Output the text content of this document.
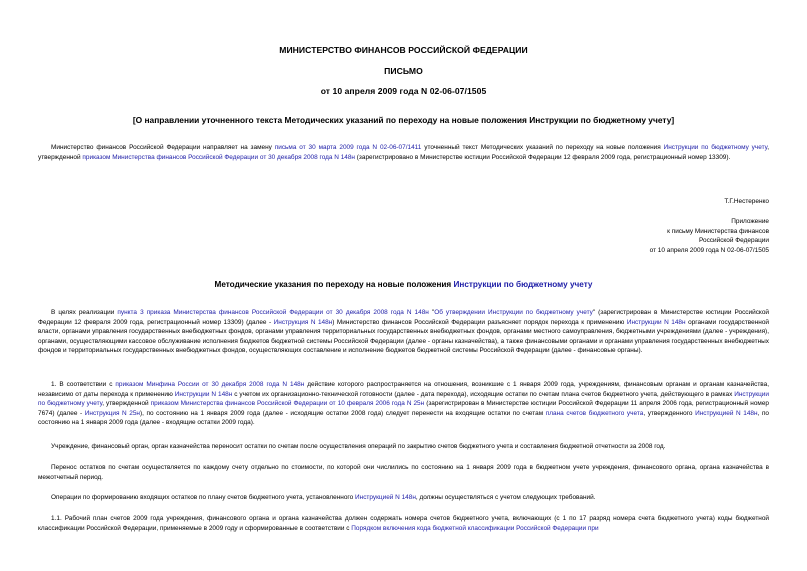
МИНИСТЕРСТВО ФИНАНСОВ РОССИЙСКОЙ ФЕДЕРАЦИИ
ПИСЬМО
от 10 апреля 2009 года N 02-06-07/1505
[О направлении уточненного текста Методических указаний по переходу на новые положения Инструкции по бюджетному учету]
Министерство финансов Российской Федерации направляет на замену письма от 30 марта 2009 года N 02-06-07/1411 уточненный текст Методических указаний по переходу на новые положения Инструкции по бюджетному учету, утвержденной приказом Министерства финансов Российской Федерации от 30 декабря 2008 года N 148н (зарегистрировано в Министерстве юстиции Российской Федерации 12 февраля 2009 года, регистрационный номер 13309).
Т.Г.Нестеренко
Приложение
к письму Министерства финансов
Российской Федерации
от 10 апреля 2009 года N 02-06-07/1505
Методические указания по переходу на новые положения Инструкции по бюджетному учету
В целях реализации пункта 3 приказа Министерства финансов Российской Федерации от 30 декабря 2008 года N 148н "Об утверждении Инструкции по бюджетному учету" (зарегистрирован в Министерстве юстиции Российской Федерации 12 февраля 2009 года, регистрационный номер 13309) (далее - Инструкция N 148н) Министерство финансов Российской Федерации разъясняет порядок перехода к применению Инструкции N 148н органами государственной власти, органами управления государственных внебюджетных фондов, органами управления территориальных государственных внебюджетных фондов, органами местного самоуправления, бюджетными учреждениями (далее - учреждения), органами, осуществляющими кассовое обслуживание исполнения бюджетов бюджетной системы Российской Федерации (далее - органы казначейства), а также финансовыми органами и органами управления государственных внебюджетных фондов и территориальных государственных внебюджетных фондов, осуществляющих составление и исполнение бюджетов бюджетной системы Российской Федерации (далее - финансовые органы).
1. В соответствии с приказом Минфина России от 30 декабря 2008 года N 148н действие которого распространяется на отношения, возникшие с 1 января 2009 года, учреждениям, финансовым органам и органам казначейства, независимо от даты перехода к применению Инструкции N 148н с учетом их организационно-технической готовности (далее - дата перехода), исходящие остатки по счетам плана счетов бюджетного учета, действующего в рамках Инструкции по бюджетному учету, утвержденной приказом Министерства финансов Российской Федерации от 10 февраля 2006 года N 25н (зарегистрирован в Министерстве юстиции Российской Федерации 11 апреля 2006 года, регистрационный номер 7674) (далее - Инструкция N 25н), по состоянию на 1 января 2009 года (далее - исходящие остатки 2008 года) следует перенести на входящие остатки по счетам плана счетов бюджетного учета, утвержденного Инструкцией N 148н, по состоянию на 1 января 2009 года (далее - входящие остатки 2009 года).
Учреждение, финансовый орган, орган казначейства переносит остатки по счетам после осуществления операций по закрытию счетов бюджетного учета и составления бюджетной отчетности за 2008 год.
Перенос остатков по счетам осуществляется по каждому счету отдельно по стоимости, по которой они числились по состоянию на 1 января 2009 года в бюджетном учете учреждения, финансового органа, органа казначейства в межотчетный период.
Операции по формированию входящих остатков по плану счетов бюджетного учета, установленного Инструкцией N 148н, должны осуществляться с учетом следующих требований.
1.1. Рабочий план счетов 2009 года учреждения, финансового органа и органа казначейства должен содержать номера счетов бюджетного учета, включающих (с 1 по 17 разряд номера счета бюджетного учета) коды бюджетной классификации Российской Федерации, применяемые в 2009 году и сформированные в соответствии с Порядком включения кода бюджетной классификации Российской Федерации при
